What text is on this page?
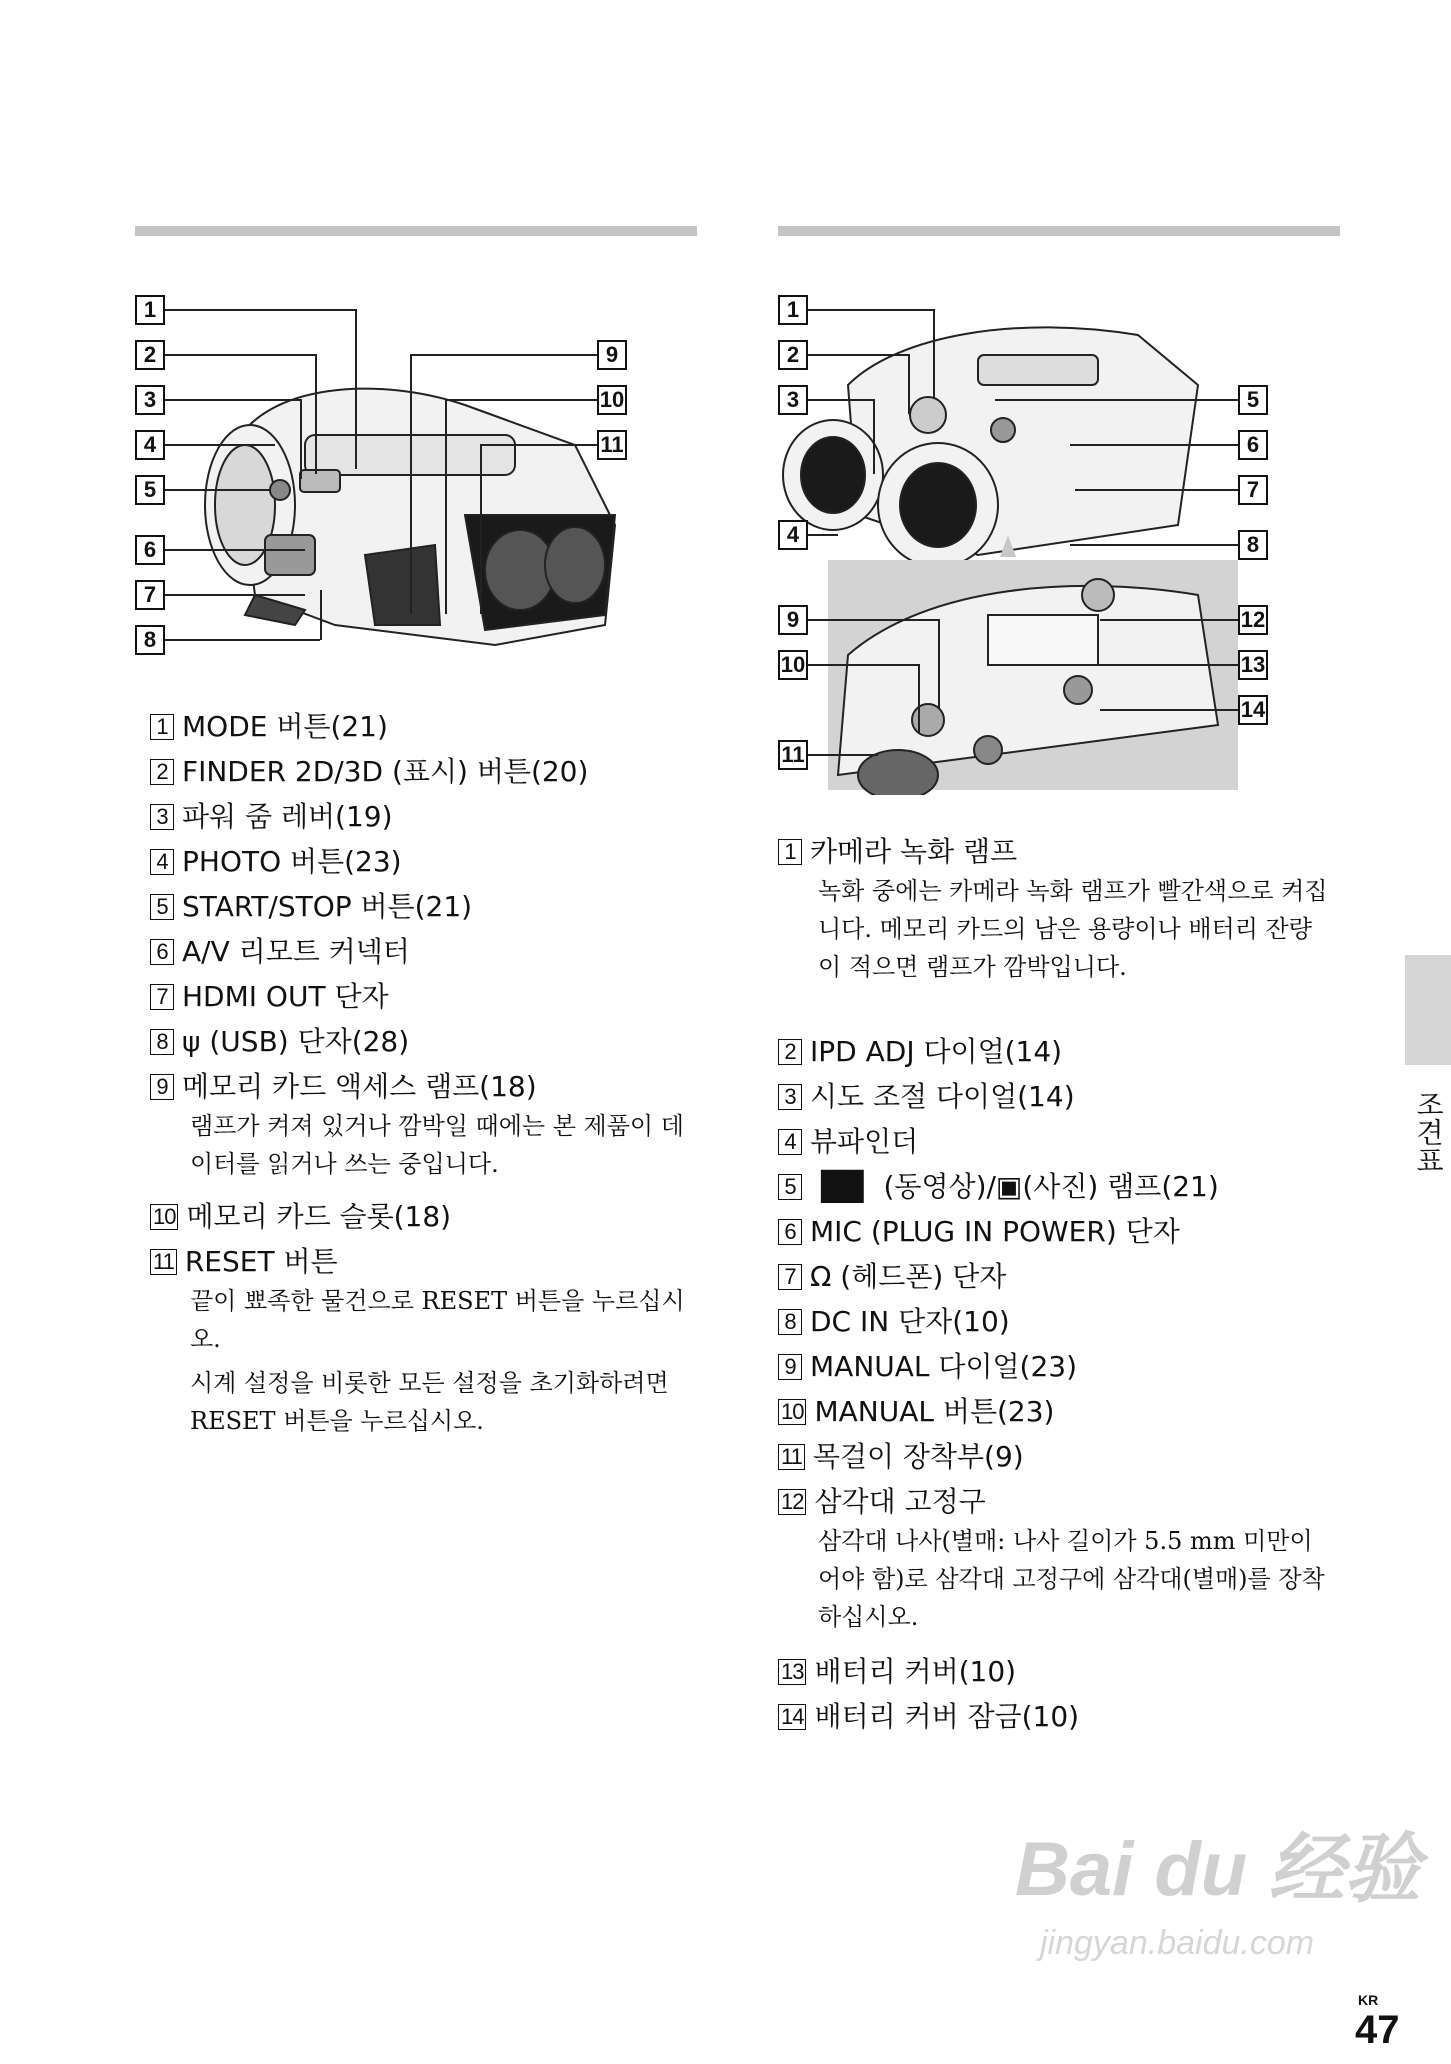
1
2
3
4
5
6
7
8
9
10
11
1
2
3
4
5
6
7
8
9
10
11
12
13
14
1 MODE 버튼(21)
2 FINDER 2D/3D (표시) 버튼(20)
3 파워 줌 레버(19)
4 PHOTO 버튼(23)
5 START/STOP 버튼(21)
6 A/V 리모트 커넥터
7 HDMI OUT 단자
8 ψ (USB) 단자(28)
9 메모리 카드 액세스 램프(18)

램프가 켜져 있거나 깜박일 때에는 본 제품이 데이터를 읽거나 쓰는 중입니다.

10 메모리 카드 슬롯(18)
11 RESET 버튼

끝이 뾰족한 물건으로 RESET 버튼을 누르십시오.

시계 설정을 비롯한 모든 설정을 초기화하려면 RESET 버튼을 누르십시오.

1 카메라 녹화 램프

녹화 중에는 카메라 녹화 램프가 빨간색으로 켜집니다. 메모리 카드의 남은 용량이나 배터리 잔량이 적으면 램프가 깜박입니다.

2 IPD ADJ 다이얼(14)
3 시도 조절 다이얼(14)
4 뷰파인더
5 ▐█▌ (동영상)/▣(사진) 램프(21)
6 MIC (PLUG IN POWER) 단자
7 Ω (헤드폰) 단자
8 DC IN 단자(10)
9 MANUAL 다이얼(23)
10 MANUAL 버튼(23)
11 목걸이 장착부(9)
12 삼각대 고정구

삼각대 나사(별매: 나사 길이가 5.5 mm 미만이어야 함)로 삼각대 고정구에 삼각대(별매)를 장착하십시오.

13 배터리 커버(10)
14 배터리 커버 잠금(10)
조견표
Bai du 经验
jingyan.baidu.com
KR
47
